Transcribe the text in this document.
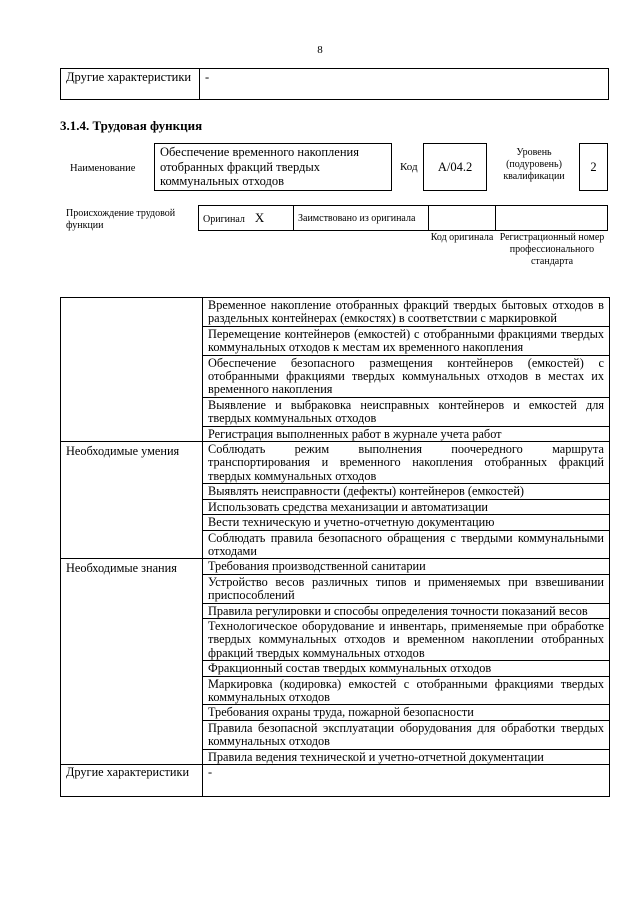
8
Другие характеристики	-
3.1.4. Трудовая функция
Наименование
Обеспечение временного накопления отобранных фракций твердых коммунальных отходов
Код	А/04.2
Уровень (подуровень) квалификации
2
Происхождение трудовой функции
Оригинал X	Заимствовано из оригинала		
Код оригинала Регистрационный номер профессионального стандарта
	Временное накопление отобранных фракций твердых бытовых отходов в раздельных контейнерах (емкостях) в соответствии с маркировкой
	Перемещение контейнеров (емкостей) с отобранными фракциями твердых коммунальных отходов к местам их временного накопления
	Обеспечение безопасного размещения контейнеров (емкостей) с отобранными фракциями твердых коммунальных отходов в местах их временного накопления
	Выявление и выбраковка неисправных контейнеров и емкостей для твердых коммунальных отходов
	Регистрация выполненных работ в журнале учета работ

Необходимые умения	Соблюдать режим выполнения поочередного маршрута транспортирования и временного накопления отобранных фракций твердых коммунальных отходов
	Выявлять неисправности (дефекты) контейнеров (емкостей)
	Использовать средства механизации и автоматизации
	Вести техническую и учетно-отчетную документацию
	Соблюдать правила безопасного обращения с твердыми коммунальными отходами

Необходимые знания	Требования производственной санитарии
	Устройство весов различных типов и применяемых при взвешивании приспособлений
	Правила регулировки и способы определения точности показаний весов
	Технологическое оборудование и инвентарь, применяемые при обработке твердых коммунальных отходов и временном накоплении отобранных фракций твердых коммунальных отходов
	Фракционный состав твердых коммунальных отходов
	Маркировка (кодировка) емкостей с отобранными фракциями твердых коммунальных отходов
	Требования охраны труда, пожарной безопасности
	Правила безопасной эксплуатации оборудования для обработки твердых коммунальных отходов
	Правила ведения технической и учетно-отчетной документации
Другие характеристики	-
